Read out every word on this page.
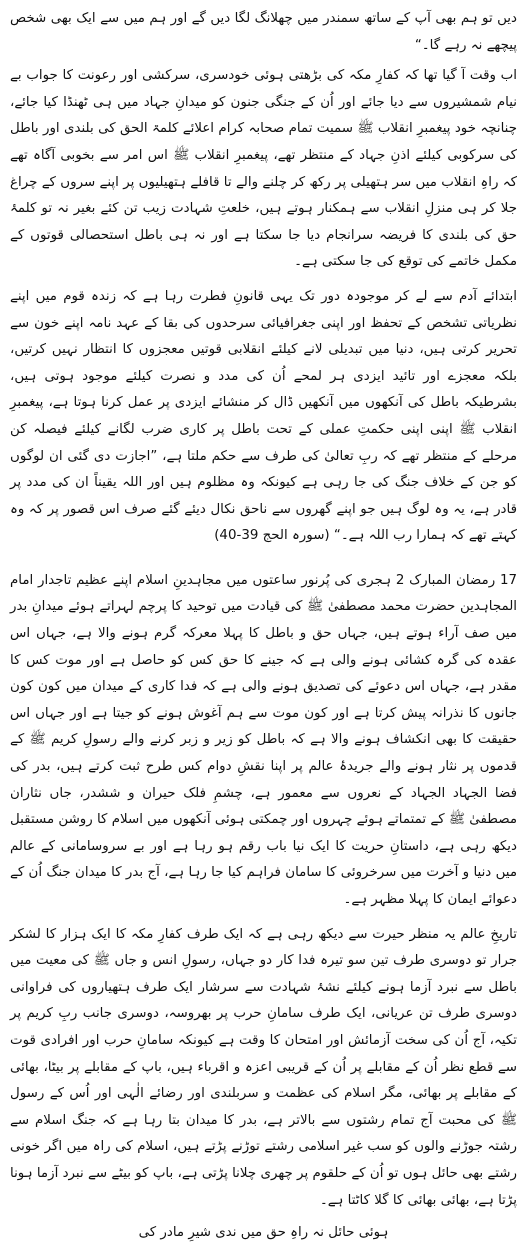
دیں تو ہم بھی آپ کے ساتھ سمندر میں چھلانگ لگا دیں گے اور ہم میں سے ایک بھی شخص پیچھے نہ رہے گا۔“

اب وقت آ گیا تھا کہ کفارِ مکہ کی بڑھتی ہوئی خودسری، سرکشی اور رعونت کا جواب بے نیام شمشیروں سے دیا جائے اور اُن کے جنگی جنون کو میدانِ جہاد میں ہی ٹھنڈا کیا جائے، چنانچہ خود پیغمبرِ انقلاب ﷺ سمیت تمام صحابہ کرام اعلائے کلمۃ الحق کی بلندی اور باطل کی سرکوبی کیلئے اذنِ جہاد کے منتظر تھے، پیغمبرِ انقلاب ﷺ اس امر سے بخوبی آگاہ تھے کہ راہِ انقلاب میں سر ہتھیلی پر رکھ کر چلنے والے تا قافلے ہتھیلیوں پر اپنے سروں کے چراغ جلا کر ہی منزلِ انقلاب سے ہمکنار ہوتے ہیں، خلعتِ شہادت زیب تن کئے بغیر نہ تو کلمۂ حق کی بلندی کا فریضہ سرانجام دیا جا سکتا ہے اور نہ ہی باطل استحصالی قوتوں کے مکمل خاتمے کی توقع کی جا سکتی ہے۔

ابتدائے آدم سے لے کر موجودہ دور تک یہی قانونِ فطرت رہا ہے کہ زندہ قوم میں اپنے نظریاتی تشخص کے تحفظ اور اپنی جغرافیائی سرحدوں کی بقا کے عہد نامہ اپنے خون سے تحریر کرتی ہیں، دنیا میں تبدیلی لانے کیلئے انقلابی قوتیں معجزوں کا انتظار نہیں کرتیں، بلکہ معجزے اور تائید ایزدی ہر لمحے اُن کی مدد و نصرت کیلئے موجود ہوتی ہیں، بشرطیکہ باطل کی آنکھوں میں آنکھیں ڈال کر منشائے ایزدی پر عمل کرنا ہوتا ہے، پیغمبرِ انقلاب ﷺ اپنی اپنی حکمتِ عملی کے تحت باطل پر کاری ضرب لگانے کیلئے فیصلہ کن مرحلے کے منتظر تھے کہ ربِ تعالیٰ کی طرف سے حکم ملتا ہے، ”اجازت دی گئی ان لوگوں کو جن کے خلاف جنگ کی جا رہی ہے کیونکہ وہ مظلوم ہیں اور اللہ یقیناً ان کی مدد پر قادر ہے، یہ وہ لوگ ہیں جو اپنے گھروں سے ناحق نکال دیئے گئے صرف اس قصور پر کہ وہ کہتے تھے کہ ہمارا رب اللہ ہے۔“ (سورہ الحج 39-40)

17 رمضان المبارک 2 ہجری کی پُرنور ساعتوں میں مجاہدینِ اسلام اپنے عظیم تاجدار امام المجاہدین حضرت محمد مصطفیٰ ﷺ کی قیادت میں توحید کا پرچم لہراتے ہوئے میدانِ بدر میں صف آراء ہوتے ہیں، جہاں حق و باطل کا پہلا معرکہ گرم ہونے والا ہے، جہاں اس عقدہ کی گرہ کشائی ہونے والی ہے کہ جینے کا حق کس کو حاصل ہے اور موت کس کا مقدر ہے، جہاں اس دعوئے کی تصدیق ہونے والی ہے کہ فدا کاری کے میدان میں کون کون جانوں کا نذرانہ پیش کرتا ہے اور کون موت سے ہم آغوش ہونے کو جیتا ہے اور جہاں اس حقیقت کا بھی انکشاف ہونے والا ہے کہ باطل کو زیر و زبر کرنے والے رسولِ کریم ﷺ کے قدموں پر نثار ہونے والے جریدۂ عالم پر اپنا نقشِ دوام کس طرح ثبت کرتے ہیں، بدر کی فضا الجہاد الجہاد کے نعروں سے معمور ہے، چشمِ فلک حیران و ششدر، جاں نثاران مصطفیٰ ﷺ کے تمتماتے ہوئے چہروں اور چمکتی ہوئی آنکھوں میں اسلام کا روشن مستقبل دیکھ رہی ہے، داستانِ حریت کا ایک نیا باب رقم ہو رہا ہے اور بے سروسامانی کے عالم میں دنیا و آخرت میں سرخروئی کا سامان فراہم کیا جا رہا ہے، آج بدر کا میدان جنگ اُن کے دعوائے ایمان کا پہلا مظہر ہے۔

تاریخِ عالم یہ منظر حیرت سے دیکھ رہی ہے کہ ایک طرف کفارِ مکہ کا ایک ہزار کا لشکر جرار تو دوسری طرف تین سو تیرہ فدا کار دو جہاں، رسولِ انس و جاں ﷺ کی معیت میں باطل سے نبرد آزما ہونے کیلئے نشۂ شہادت سے سرشار ایک طرف ہتھیاروں کی فراوانی دوسری طرف تن عریانی، ایک طرف سامانِ حرب پر بھروسہ، دوسری جانب ربِ کریم پر تکیہ، آج اُن کی سخت آزمائش اور امتحان کا وقت ہے کیونکہ سامانِ حرب اور افرادی قوت سے قطع نظر اُن کے مقابلے پر اُن کے قریبی اعزہ و اقرباء ہیں، باپ کے مقابلے پر بیٹا، بھائی کے مقابلے پر بھائی، مگر اسلام کی عظمت و سربلندی اور رضائے الٰہی اور اُس کے رسول ﷺ کی محبت آج تمام رشتوں سے بالاتر ہے، بدر کا میدان بتا رہا ہے کہ جنگ اسلام سے رشتہ جوڑنے والوں کو سب غیر اسلامی رشتے توڑنے پڑتے ہیں، اسلام کی راہ میں اگر خونی رشتے بھی حائل ہوں تو اُن کے حلقوم پر چھری چلانا پڑتی ہے، باپ کو بیٹے سے نبرد آزما ہونا پڑتا ہے، بھائی بھائی کا گلا کاٹتا ہے۔

ہوئی حائل نہ راہِ حق میں ندی شیرِ مادر کی
